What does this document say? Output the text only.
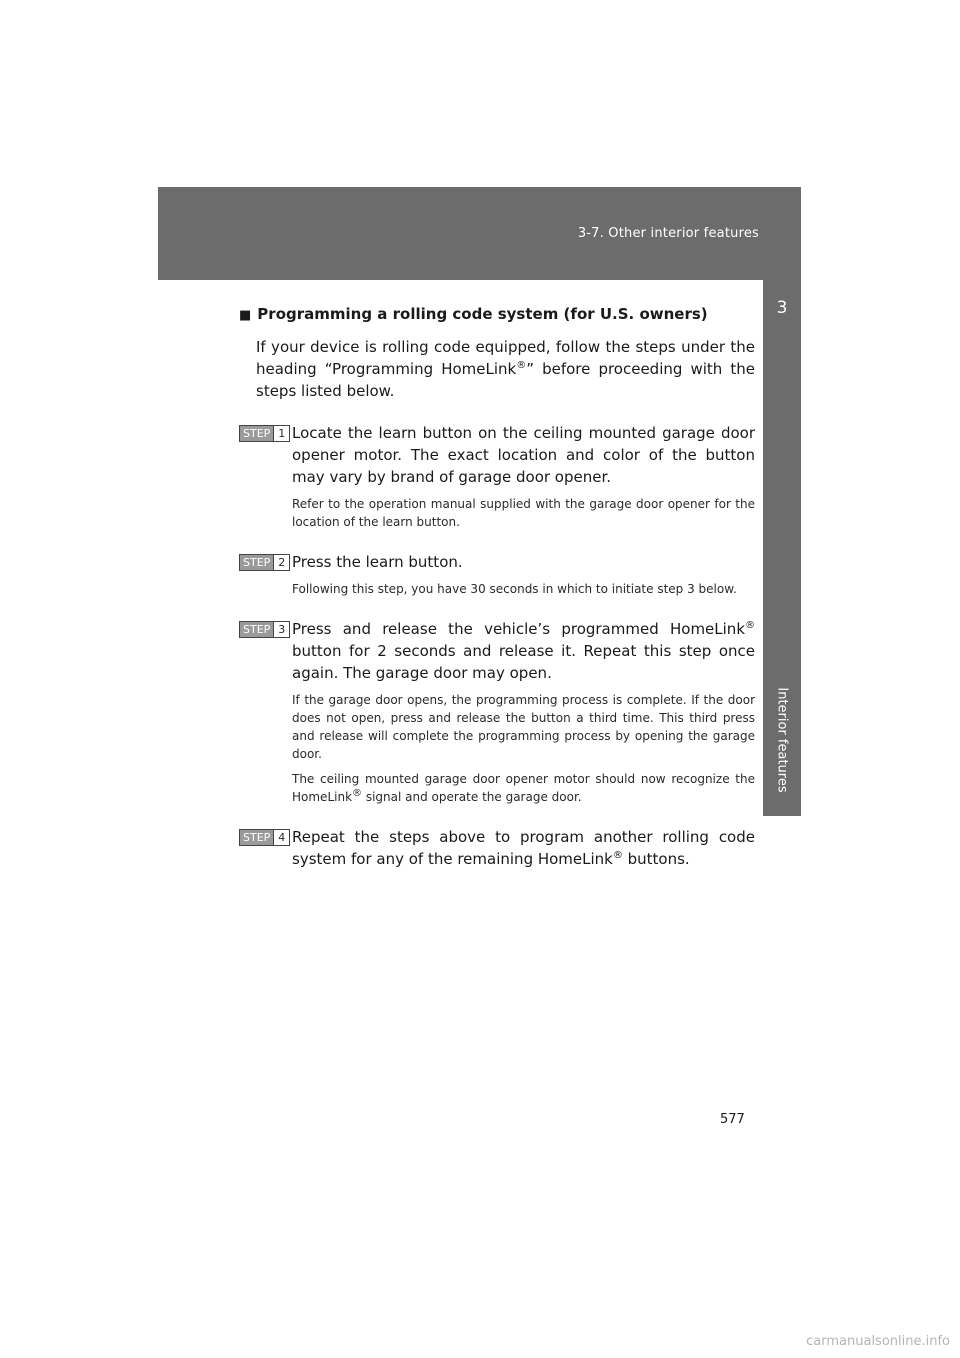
3-7. Other interior features
3
Interior features
■ Programming a rolling code system (for U.S. owners)

If your device is rolling code equipped, follow the steps under the heading “Programming HomeLink®” before proceeding with the steps listed below.

STEP 1 Locate the learn button on the ceiling mounted garage door opener motor. The exact location and color of the button may vary by brand of garage door opener.

Refer to the operation manual supplied with the garage door opener for the location of the learn button.

STEP 2 Press the learn button.

Following this step, you have 30 seconds in which to initiate step 3 below.

STEP 3 Press and release the vehicle’s programmed HomeLink® button for 2 seconds and release it. Repeat this step once again. The garage door may open.

If the garage door opens, the programming process is complete. If the door does not open, press and release the button a third time. This third press and release will complete the programming process by opening the garage door.

The ceiling mounted garage door opener motor should now recognize the HomeLink® signal and operate the garage door.

STEP 4 Repeat the steps above to program another rolling code system for any of the remaining HomeLink® buttons.

577
carmanualsonline.info
